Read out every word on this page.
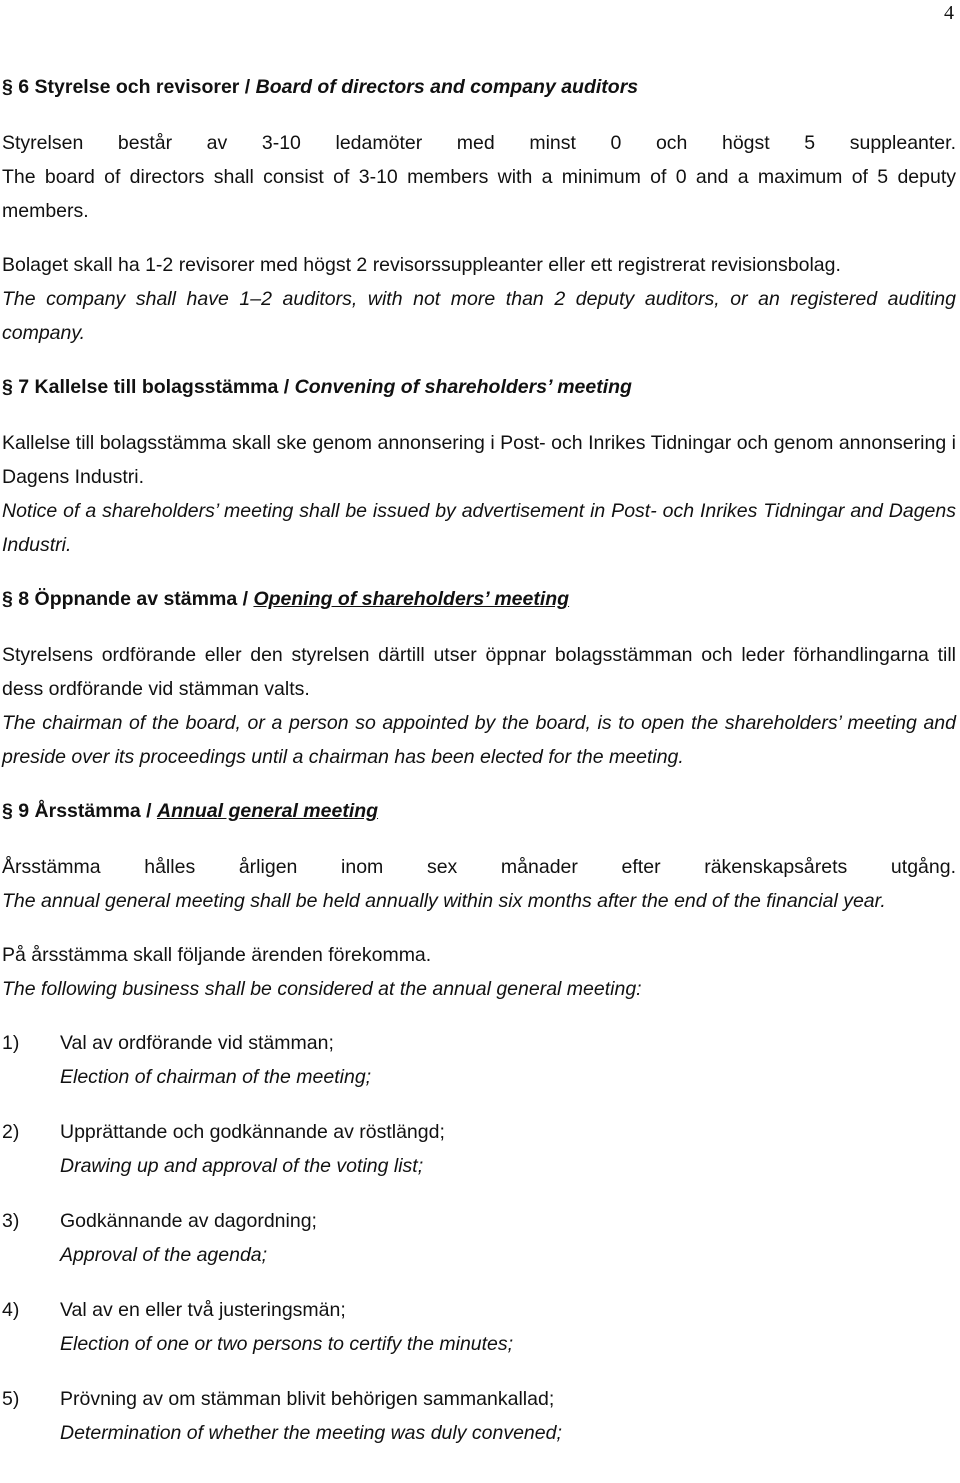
4

§ 6 Styrelse och revisorer / Board of directors and company auditors

Styrelsen består av 3-10 ledamöter med minst 0 och högst 5 suppleanter.

The board of directors shall consist of 3-10 members with a minimum of 0 and a maximum of 5 deputy members.

Bolaget skall ha 1-2 revisorer med högst 2 revisorssuppleanter eller ett registrerat revisionsbolag.

The company shall have 1–2 auditors, with not more than 2 deputy auditors, or an registered auditing company.

§ 7 Kallelse till bolagsstämma / Convening of shareholders’ meeting

Kallelse till bolagsstämma skall ske genom annonsering i Post- och Inrikes Tidningar och genom annonsering i Dagens Industri.

Notice of a shareholders’ meeting shall be issued by advertisement in Post- och Inrikes Tidningar and Dagens Industri.

§ 8 Öppnande av stämma / Opening of shareholders’ meeting

Styrelsens ordförande eller den styrelsen därtill utser öppnar bolagsstämman och leder förhandlingarna till dess ordförande vid stämman valts.

The chairman of the board, or a person so appointed by the board, is to open the shareholders’ meeting and preside over its proceedings until a chairman has been elected for the meeting.

§ 9 Årsstämma / Annual general meeting

Årsstämma hålles årligen inom sex månader efter räkenskapsårets utgång.

The annual general meeting shall be held annually within six months after the end of the financial year.

På årsstämma skall följande ärenden förekomma.

The following business shall be considered at the annual general meeting:

1) Val av ordförande vid stämman;
Election of chairman of the meeting;
2) Upprättande och godkännande av röstlängd;
Drawing up and approval of the voting list;
3) Godkännande av dagordning;
Approval of the agenda;
4) Val av en eller två justeringsmän;
Election of one or two persons to certify the minutes;
5) Prövning av om stämman blivit behörigen sammankallad;
Determination of whether the meeting was duly convened;
